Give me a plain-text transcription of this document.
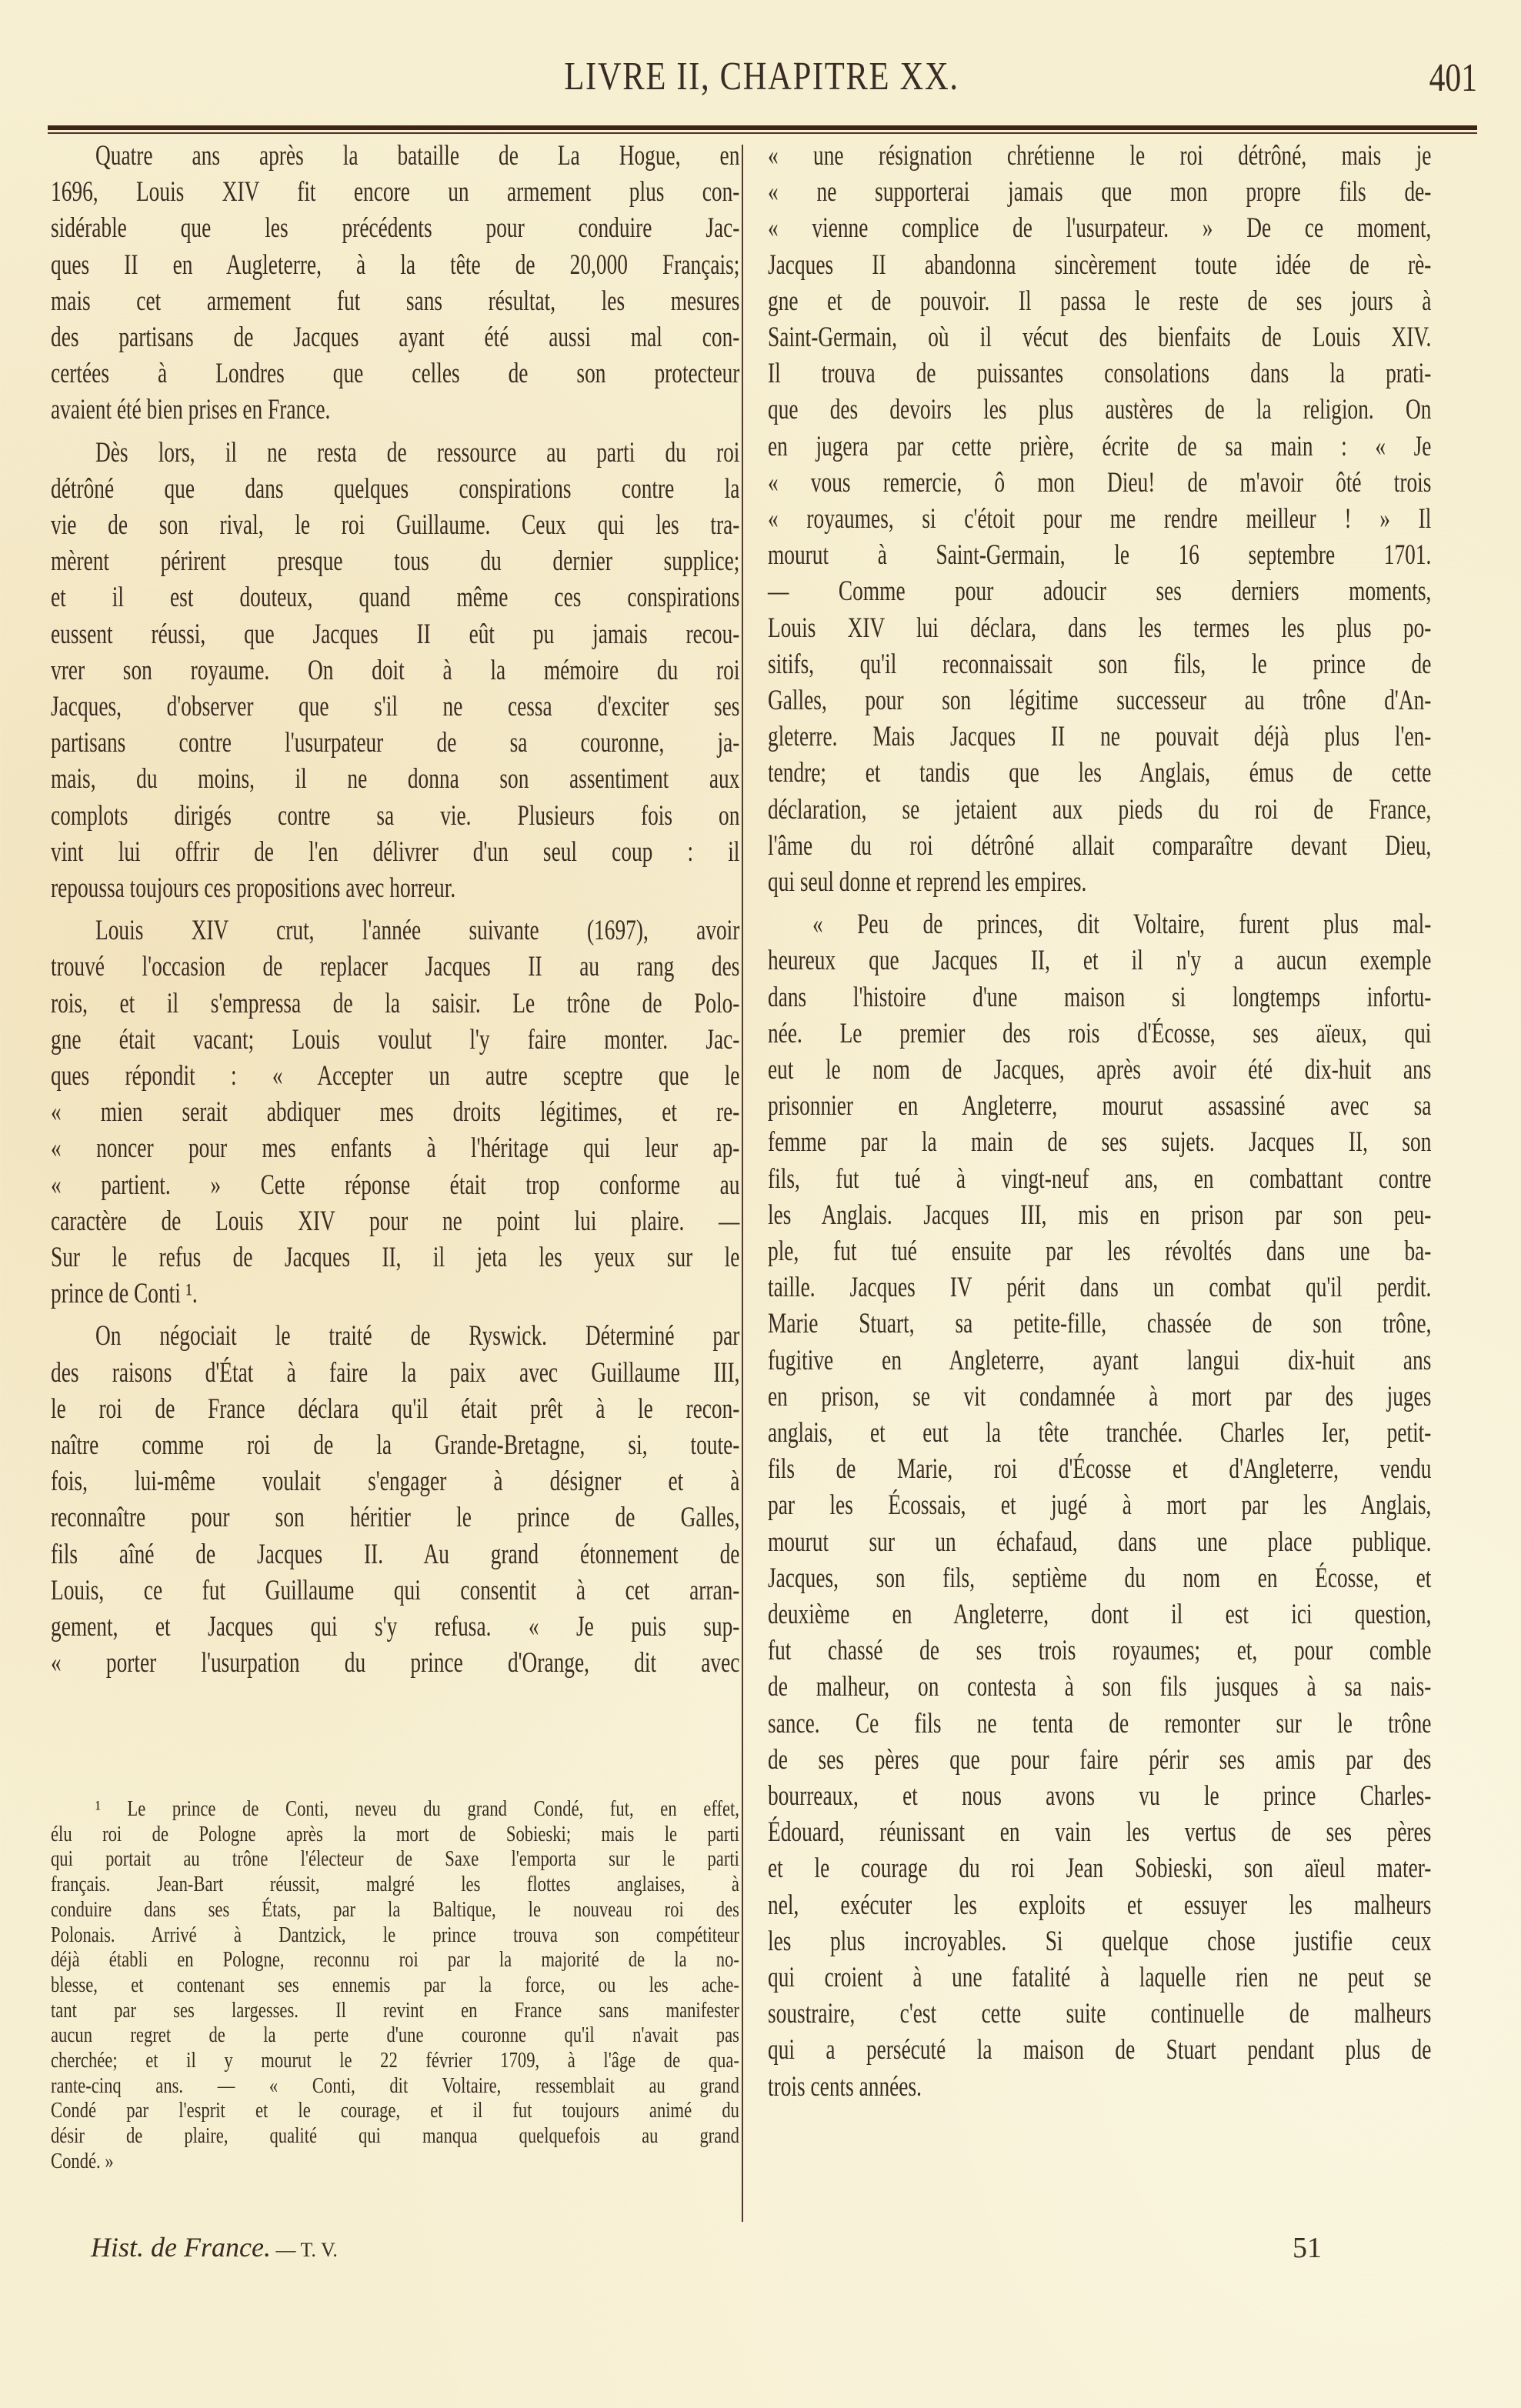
LIVRE II, CHAPITRE XX.	401
Quatre ans après la bataille de La Hogue, en
1696, Louis XIV fit encore un armement plus con-
sidérable que les précédents pour conduire Jac-
ques II en Augleterre, à la tête de 20,000 Français;
mais cet armement fut sans résultat, les mesures
des partisans de Jacques ayant été aussi mal con-
certées à Londres que celles de son protecteur
avaient été bien prises en France.
Dès lors, il ne resta de ressource au parti du roi
détrôné que dans quelques conspirations contre la
vie de son rival, le roi Guillaume. Ceux qui les tra-
mèrent périrent presque tous du dernier supplice;
et il est douteux, quand même ces conspirations
eussent réussi, que Jacques II eût pu jamais recou-
vrer son royaume. On doit à la mémoire du roi
Jacques, d'observer que s'il ne cessa d'exciter ses
partisans contre l'usurpateur de sa couronne, ja-
mais, du moins, il ne donna son assentiment aux
complots dirigés contre sa vie. Plusieurs fois on
vint lui offrir de l'en délivrer d'un seul coup : il
repoussa toujours ces propositions avec horreur.
Louis XIV crut, l'année suivante (1697), avoir
trouvé l'occasion de replacer Jacques II au rang des
rois, et il s'empressa de la saisir. Le trône de Polo-
gne était vacant; Louis voulut l'y faire monter. Jac-
ques répondit : « Accepter un autre sceptre que le
« mien serait abdiquer mes droits légitimes, et re-
« noncer pour mes enfants à l'héritage qui leur ap-
« partient. » Cette réponse était trop conforme au
caractère de Louis XIV pour ne point lui plaire. —
Sur le refus de Jacques II, il jeta les yeux sur le
prince de Conti ¹.
On négociait le traité de Ryswick. Déterminé par
des raisons d'État à faire la paix avec Guillaume III,
le roi de France déclara qu'il était prêt à le recon-
naître comme roi de la Grande-Bretagne, si, toute-
fois, lui-même voulait s'engager à désigner et à
reconnaître pour son héritier le prince de Galles,
fils aîné de Jacques II. Au grand étonnement de
Louis, ce fut Guillaume qui consentit à cet arran-
gement, et Jacques qui s'y refusa. « Je puis sup-
« porter l'usurpation du prince d'Orange, dit avec
« une résignation chrétienne le roi détrôné, mais je
« ne supporterai jamais que mon propre fils de-
« vienne complice de l'usurpateur. » De ce moment,
Jacques II abandonna sincèrement toute idée de rè-
gne et de pouvoir. Il passa le reste de ses jours à
Saint-Germain, où il vécut des bienfaits de Louis XIV.
Il trouva de puissantes consolations dans la prati-
que des devoirs les plus austères de la religion. On
en jugera par cette prière, écrite de sa main : « Je
« vous remercie, ô mon Dieu! de m'avoir ôté trois
« royaumes, si c'étoit pour me rendre meilleur ! » Il
mourut à Saint-Germain, le 16 septembre 1701.
— Comme pour adoucir ses derniers moments,
Louis XIV lui déclara, dans les termes les plus po-
sitifs, qu'il reconnaissait son fils, le prince de
Galles, pour son légitime successeur au trône d'An-
gleterre. Mais Jacques II ne pouvait déjà plus l'en-
tendre; et tandis que les Anglais, émus de cette
déclaration, se jetaient aux pieds du roi de France,
l'âme du roi détrôné allait comparaître devant Dieu,
qui seul donne et reprend les empires.
« Peu de princes, dit Voltaire, furent plus mal-
heureux que Jacques II, et il n'y a aucun exemple
dans l'histoire d'une maison si longtemps infortu-
née. Le premier des rois d'Écosse, ses aïeux, qui
eut le nom de Jacques, après avoir été dix-huit ans
prisonnier en Angleterre, mourut assassiné avec sa
femme par la main de ses sujets. Jacques II, son
fils, fut tué à vingt-neuf ans, en combattant contre
les Anglais. Jacques III, mis en prison par son peu-
ple, fut tué ensuite par les révoltés dans une ba-
taille. Jacques IV périt dans un combat qu'il perdit.
Marie Stuart, sa petite-fille, chassée de son trône,
fugitive en Angleterre, ayant langui dix-huit ans
en prison, se vit condamnée à mort par des juges
anglais, et eut la tête tranchée. Charles Ier, petit-
fils de Marie, roi d'Écosse et d'Angleterre, vendu
par les Écossais, et jugé à mort par les Anglais,
mourut sur un échafaud, dans une place publique.
Jacques, son fils, septième du nom en Écosse, et
deuxième en Angleterre, dont il est ici question,
fut chassé de ses trois royaumes; et, pour comble
de malheur, on contesta à son fils jusques à sa nais-
sance. Ce fils ne tenta de remonter sur le trône
de ses pères que pour faire périr ses amis par des
bourreaux, et nous avons vu le prince Charles-
Édouard, réunissant en vain les vertus de ses pères
et le courage du roi Jean Sobieski, son aïeul mater-
nel, exécuter les exploits et essuyer les malheurs
les plus incroyables. Si quelque chose justifie ceux
qui croient à une fatalité à laquelle rien ne peut se
soustraire, c'est cette suite continuelle de malheurs
qui a persécuté la maison de Stuart pendant plus de
trois cents années.
¹ Le prince de Conti, neveu du grand Condé, fut, en effet,
élu roi de Pologne après la mort de Sobieski; mais le parti
qui portait au trône l'électeur de Saxe l'emporta sur le parti
français. Jean-Bart réussit, malgré les flottes anglaises, à
conduire dans ses États, par la Baltique, le nouveau roi des
Polonais. Arrivé à Dantzick, le prince trouva son compétiteur
déjà établi en Pologne, reconnu roi par la majorité de la no-
blesse, et contenant ses ennemis par la force, ou les ache-
tant par ses largesses. Il revint en France sans manifester
aucun regret de la perte d'une couronne qu'il n'avait pas
cherchée; et il y mourut le 22 février 1709, à l'âge de qua-
rante-cinq ans. — « Conti, dit Voltaire, ressemblait au grand
Condé par l'esprit et le courage, et il fut toujours animé du
désir de plaire, qualité qui manqua quelquefois au grand
Condé. »
Hist. de France. — T. V.	51
